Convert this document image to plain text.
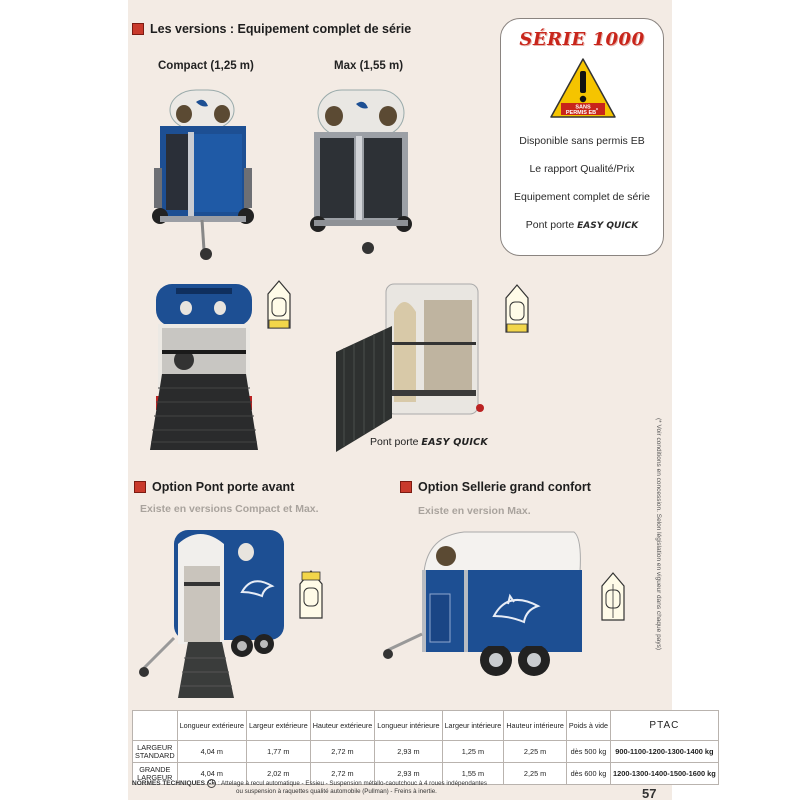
Les versions : Equipement complet de série
Compact (1,25 m)	Max (1,55 m)
Pont porte EASY QUICK
SÉRIE 1000
SANS
PERMIS EB *
Disponible sans permis EB
Le rapport Qualité/Prix
Equipement complet de série
Pont porte EASY QUICK
Option Pont porte avant
Existe en versions Compact et Max.
Option Sellerie grand confort
Existe en version Max.
	Longueur extérieure	Largeur extérieure	Hauteur extérieure	Longueur intérieure	Largeur intérieure	Hauteur intérieure	Poids à vide	PTAC
LARGEUR
STANDARD	4,04 m	1,77 m	2,72 m	2,93 m	1,25 m	2,25 m	dès 500 kg	900-1100-1200-1300-1400 kg
GRANDE
LARGEUR	4,04 m	2,02 m	2,72 m	2,93 m	1,55 m	2,25 m	dès 600 kg	1200-1300-1400-1500-1600 kg
NORMES TECHNIQUES CE : Attelage à recul automatique - Essieu - Suspension métallo-caoutchouc à 4 roues indépendantes
ou suspension à raquettes qualité automobile (Pullman) - Freins à inertie.
(* Voir conditions en concession. Selon législation en vigueur dans chaque pays)
57
